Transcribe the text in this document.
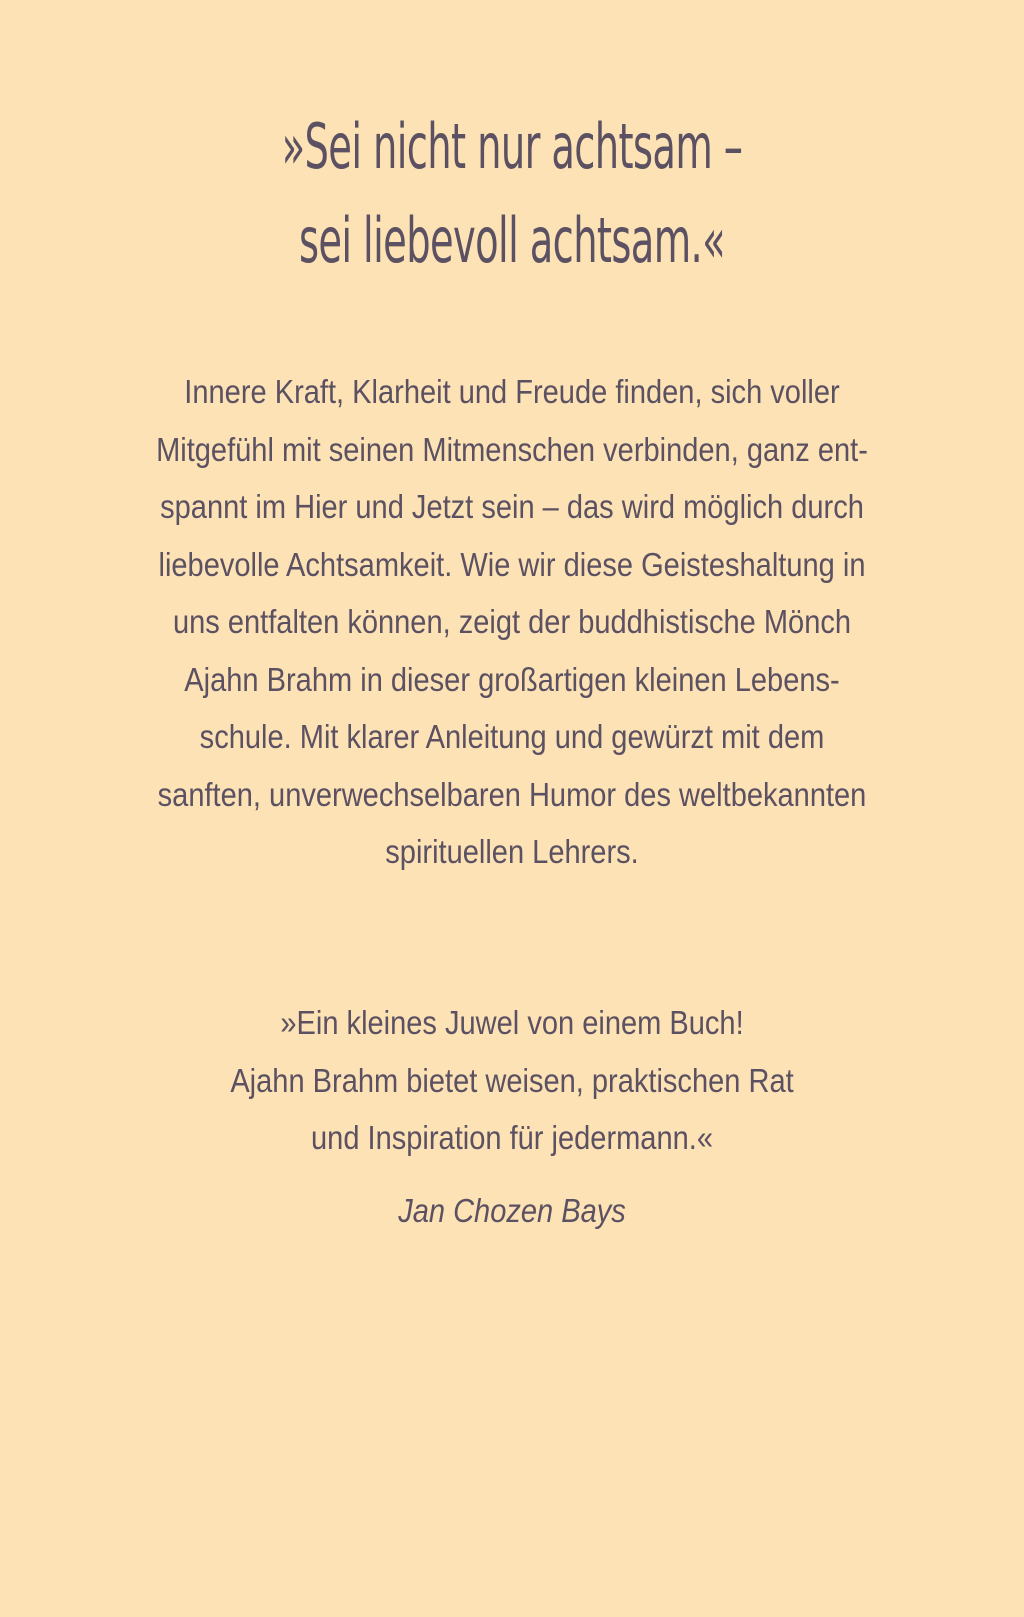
»Sei nicht nur achtsam –
sei liebevoll achtsam.«
Innere Kraft, Klarheit und Freude finden, sich voller
Mitgefühl mit seinen Mitmenschen verbinden, ganz ent-
spannt im Hier und Jetzt sein – das wird möglich durch
liebevolle Achtsamkeit. Wie wir diese Geisteshaltung in
uns entfalten können, zeigt der buddhistische Mönch
Ajahn Brahm in dieser großartigen kleinen Lebens-
schule. Mit klarer Anleitung und gewürzt mit dem
sanften, unverwechselbaren Humor des weltbekannten
spirituellen Lehrers.
»Ein kleines Juwel von einem Buch!
Ajahn Brahm bietet weisen, praktischen Rat
und Inspiration für jedermann.«
Jan Chozen Bays
